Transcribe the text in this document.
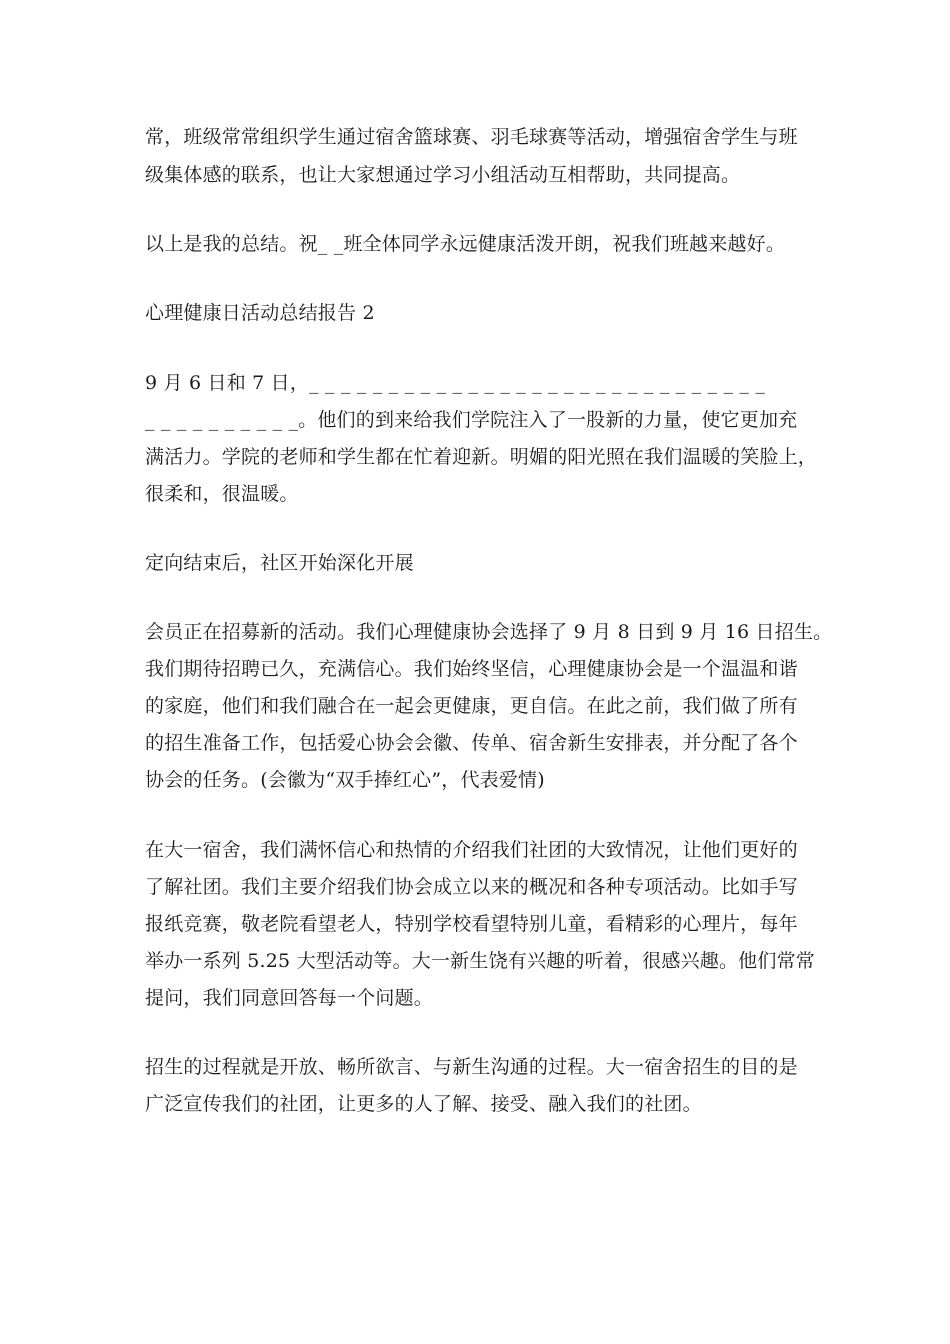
常，班级常常组织学生通过宿舍篮球赛、羽毛球赛等活动，增强宿舍学生与班
级集体感的联系，也让大家想通过学习小组活动互相帮助，共同提高。
以上是我的总结。祝_ _班全体同学永远健康活泼开朗，祝我们班越来越好。
心理健康日活动总结报告 2
9 月 6 日和 7 日，_ _ _ _ _ _ _ _ _ _ _ _ _ _ _ _ _ _ _ _ _ _ _ _ _ _ _ _ _
_ _ _ _ _ _ _ _ _ _。他们的到来给我们学院注入了一股新的力量，使它更加充
满活力。学院的老师和学生都在忙着迎新。明媚的阳光照在我们温暖的笑脸上，
很柔和，很温暖。
定向结束后，社区开始深化开展
会员正在招募新的活动。我们心理健康协会选择了 9 月 8 日到 9 月 16 日招生。
我们期待招聘已久，充满信心。我们始终坚信，心理健康协会是一个温温和谐
的家庭，他们和我们融合在一起会更健康，更自信。在此之前，我们做了所有
的招生准备工作，包括爱心协会会徽、传单、宿舍新生安排表，并分配了各个
协会的任务。(会徽为“双手捧红心”，代表爱情)
在大一宿舍，我们满怀信心和热情的介绍我们社团的大致情况，让他们更好的
了解社团。我们主要介绍我们协会成立以来的概况和各种专项活动。比如手写
报纸竞赛，敬老院看望老人，特别学校看望特别儿童，看精彩的心理片，每年
举办一系列 5.25 大型活动等。大一新生饶有兴趣的听着，很感兴趣。他们常常
提问，我们同意回答每一个问题。
招生的过程就是开放、畅所欲言、与新生沟通的过程。大一宿舍招生的目的是
广泛宣传我们的社团，让更多的人了解、接受、融入我们的社团。
